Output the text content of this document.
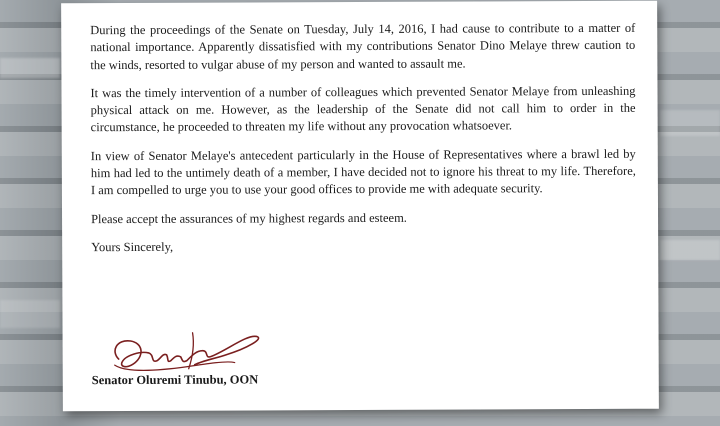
During the proceedings of the Senate on Tuesday, July 14, 2016, I had cause to contribute to a matter of national importance. Apparently dissatisfied with my contributions Senator Dino Melaye threw caution to the winds, resorted to vulgar abuse of my person and wanted to assault me.

It was the timely intervention of a number of colleagues which prevented Senator Melaye from unleashing physical attack on me. However, as the leadership of the Senate did not call him to order in the circumstance, he proceeded to threaten my life without any provocation whatsoever.

In view of Senator Melaye's antecedent particularly in the House of Representatives where a brawl led by him had led to the untimely death of a member, I have decided not to ignore his threat to my life. Therefore, I am compelled to urge you to use your good offices to provide me with adequate security.

Please accept the assurances of my highest regards and esteem.

Yours Sincerely,

Senator Oluremi Tinubu, OON
